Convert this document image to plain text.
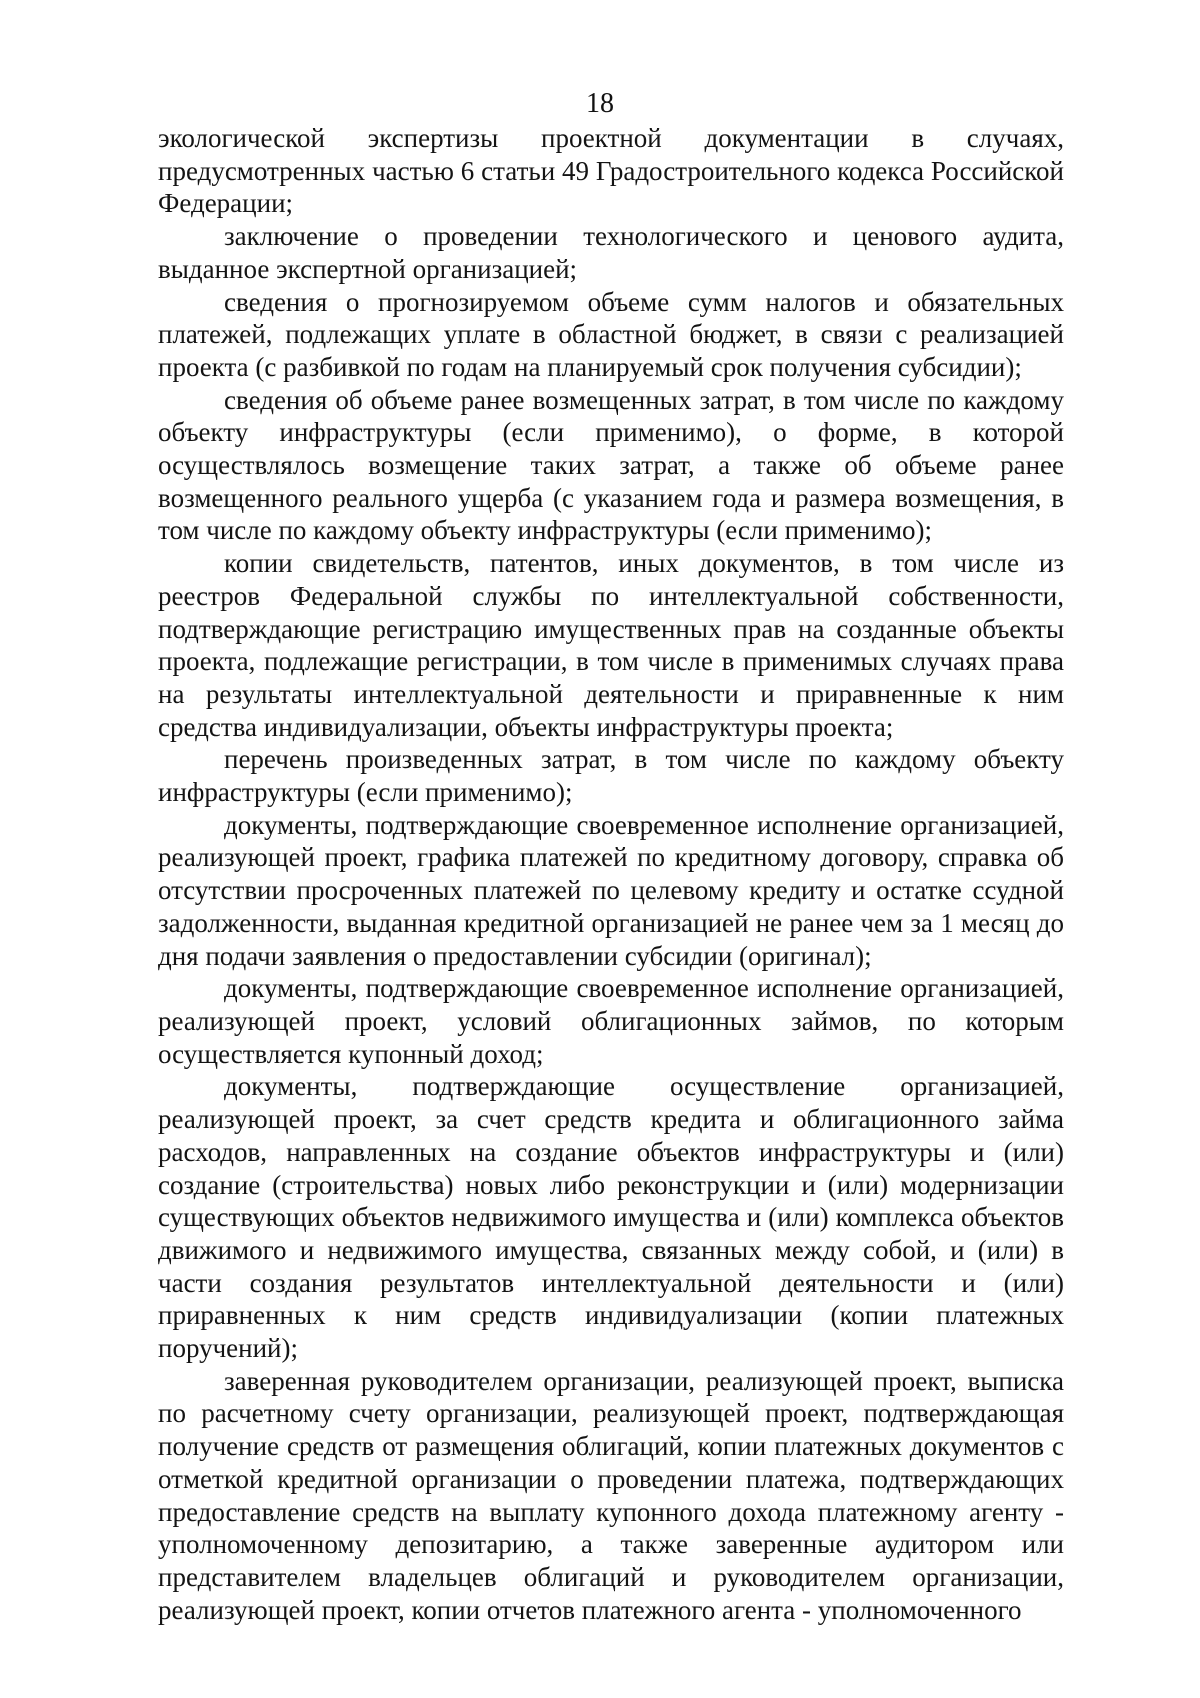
18

экологической экспертизы проектной документации в случаях, предусмотренных частью 6 статьи 49 Градостроительного кодекса Российской Федерации;

заключение о проведении технологического и ценового аудита, выданное экспертной организацией;

сведения о прогнозируемом объеме сумм налогов и обязательных платежей, подлежащих уплате в областной бюджет, в связи с реализацией проекта (с разбивкой по годам на планируемый срок получения субсидии);

сведения об объеме ранее возмещенных затрат, в том числе по каждому объекту инфраструктуры (если применимо), о форме, в которой осуществлялось возмещение таких затрат, а также об объеме ранее возмещенного реального ущерба (с указанием года и размера возмещения, в том числе по каждому объекту инфраструктуры (если применимо);

копии свидетельств, патентов, иных документов, в том числе из реестров Федеральной службы по интеллектуальной собственности, подтверждающие регистрацию имущественных прав на созданные объекты проекта, подлежащие регистрации, в том числе в применимых случаях права на результаты интеллектуальной деятельности и приравненные к ним средства индивидуализации, объекты инфраструктуры проекта;

перечень произведенных затрат, в том числе по каждому объекту инфраструктуры (если применимо);

документы, подтверждающие своевременное исполнение организацией, реализующей проект, графика платежей по кредитному договору, справка об отсутствии просроченных платежей по целевому кредиту и остатке ссудной задолженности, выданная кредитной организацией не ранее чем за 1 месяц до дня подачи заявления о предоставлении субсидии (оригинал);

документы, подтверждающие своевременное исполнение организацией, реализующей проект, условий облигационных займов, по которым осуществляется купонный доход;

документы, подтверждающие осуществление организацией, реализующей проект, за счет средств кредита и облигационного займа расходов, направленных на создание объектов инфраструктуры и (или) создание (строительства) новых либо реконструкции и (или) модернизации существующих объектов недвижимого имущества и (или) комплекса объектов движимого и недвижимого имущества, связанных между собой, и (или) в части создания результатов интеллектуальной деятельности и (или) приравненных к ним средств индивидуализации (копии платежных поручений);

заверенная руководителем организации, реализующей проект, выписка по расчетному счету организации, реализующей проект, подтверждающая получение средств от размещения облигаций, копии платежных документов с отметкой кредитной организации о проведении платежа, подтверждающих предоставление средств на выплату купонного дохода платежному агенту - уполномоченному депозитарию, а также заверенные аудитором или представителем владельцев облигаций и руководителем организации, реализующей проект, копии отчетов платежного агента - уполномоченного
